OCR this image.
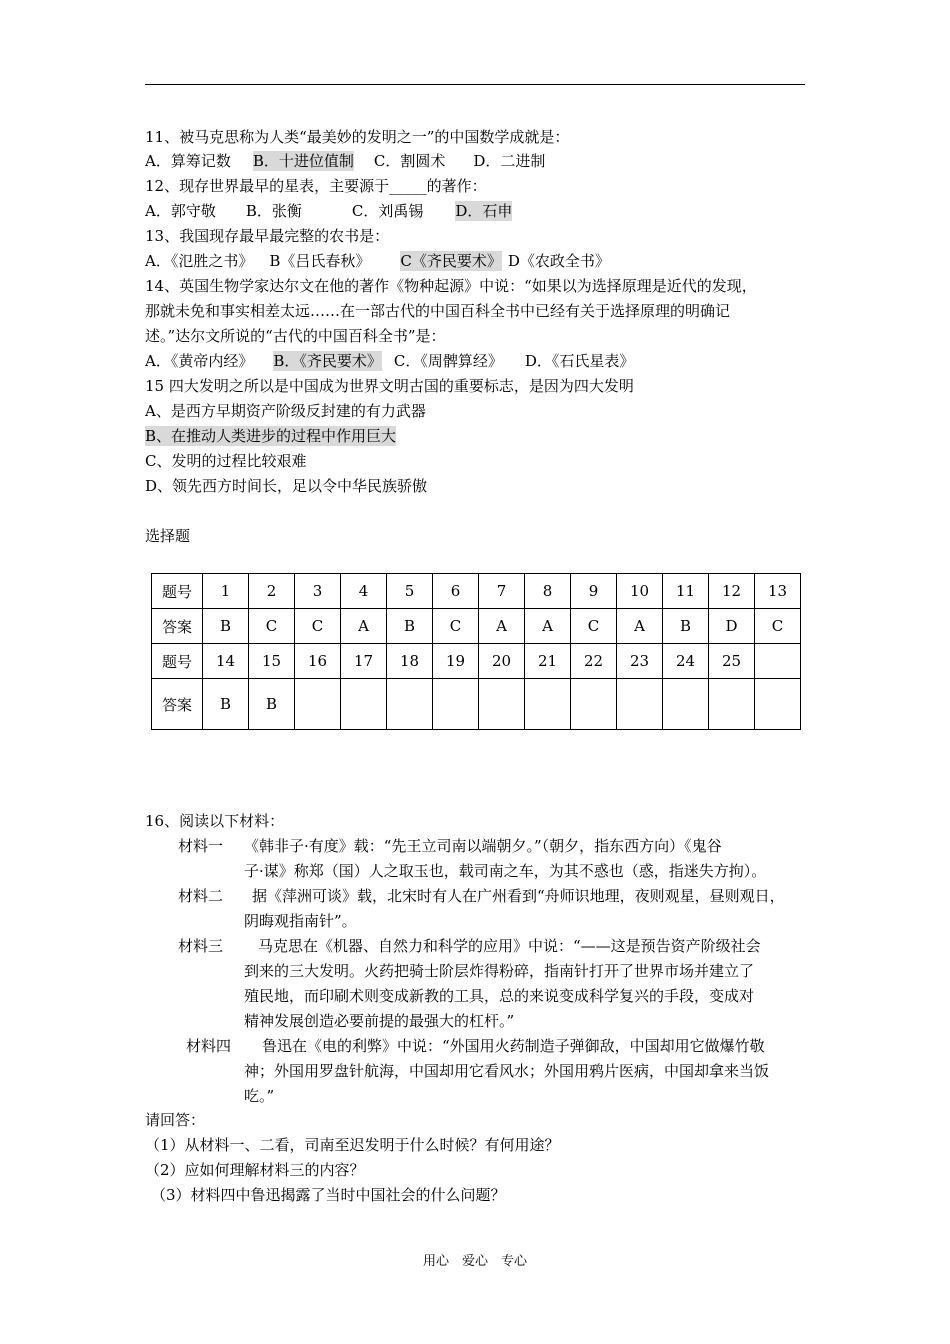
11、被马克思称为人类“最美妙的发明之一”的中国数学成就是：
A．算筹记数 B．十进位值制 C．割圆术 D．二进制
12、现存世界最早的星表，主要源于_____的著作：
A．郭守敬 B．张衡	C．刘禹锡 D．石申
13、我国现存最早最完整的农书是：
A．《氾胜之书》 B《吕氏春秋》 C《齐民要术》 D《农政全书》
14、英国生物学家达尔文在他的著作《物种起源》中说：“如果以为选择原理是近代的发现，
那就未免和事实相差太远……在一部古代的中国百科全书中已经有关于选择原理的明确记
述。”达尔文所说的“古代的中国百科全书”是：
A．《黄帝内经》 B．《齐民要术》 C．《周髀算经》 D．《石氏星表》
15 四大发明之所以是中国成为世界文明古国的重要标志，是因为四大发明
A、是西方早期资产阶级反封建的有力武器
B、在推动人类进步的过程中作用巨大
C、发明的过程比较艰难
D、领先西方时间长，足以令中华民族骄傲
选择题
题号	1	2	3	4	5	6	7	8	9	10	11	12	13
答案	B	C	C	A	B	C	A	A	C	A	B	D	C
题号	14	15	16	17	18	19	20	21	22	23	24	25	
答案	B	B											
16、阅读以下材料：
材料一 《韩非子·有度》载：“先王立司南以端朝夕。”（朝夕，指东西方向）《鬼谷
子·谋》称郑（国）人之取玉也，载司南之车，为其不惑也（惑，指迷失方拘）。
材料二 据《萍洲可谈》载，北宋时有人在广州看到“舟师识地理，夜则观星，昼则观日，
阴晦观指南针”。
材料三 马克思在《机器、自然力和科学的应用》中说：“——这是预告资产阶级社会
到来的三大发明。火药把骑士阶层炸得粉碎，指南针打开了世界市场并建立了
殖民地，而印刷术则变成新教的工具，总的来说变成科学复兴的手段，变成对
精神发展创造必要前提的最强大的杠杆。”
材料四 鲁迅在《电的利弊》中说：“外国用火药制造子弹御敌，中国却用它做爆竹敬
神；外国用罗盘针航海，中国却用它看风水；外国用鸦片医病，中国却拿来当饭
吃。”
请回答：
（1）从材料一、二看，司南至迟发明于什么时候？有何用途？
（2）应如何理解材料三的内容？
（3）材料四中鲁迅揭露了当时中国社会的什么问题？
用心　爱心　专心
